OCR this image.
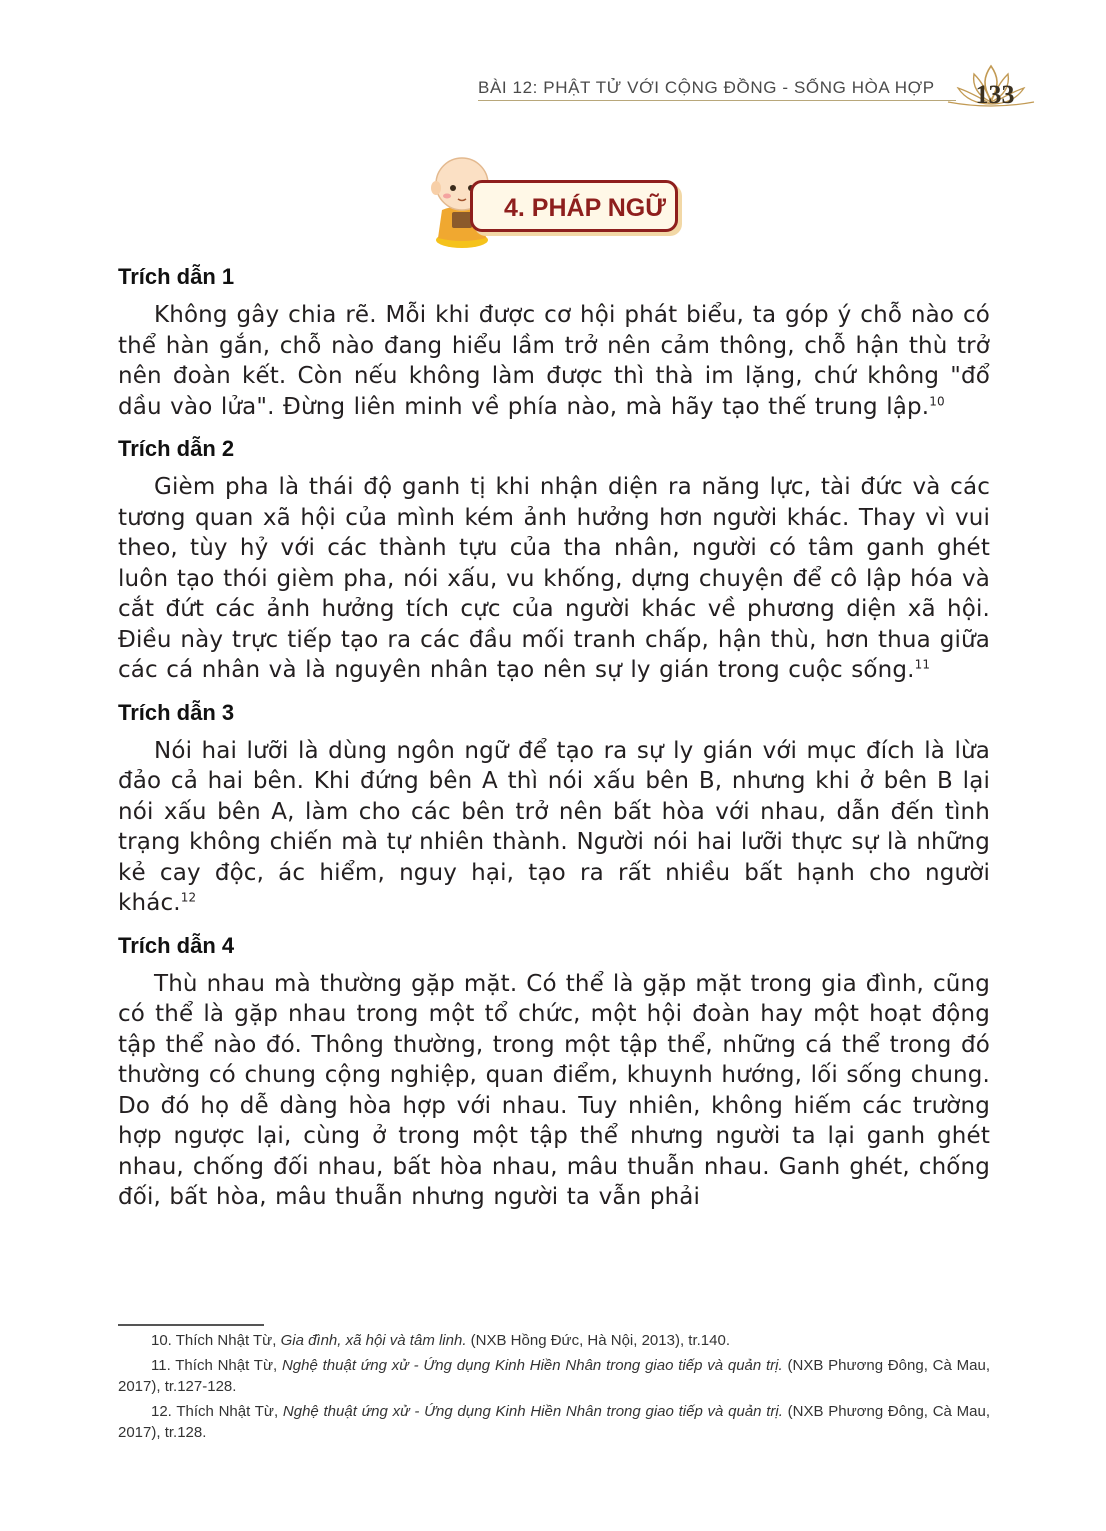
BÀI 12: PHẬT TỬ VỚI CỘNG ĐỒNG - SỐNG HÒA HỢP	133
4. PHÁP NGỮ
Trích dẫn 1

Không gây chia rẽ. Mỗi khi được cơ hội phát biểu, ta góp ý chỗ nào có thể hàn gắn, chỗ nào đang hiểu lầm trở nên cảm thông, chỗ hận thù trở nên đoàn kết. Còn nếu không làm được thì thà im lặng, chứ không "đổ dầu vào lửa". Đừng liên minh về phía nào, mà hãy tạo thế trung lập.$^{10}$

Trích dẫn 2

Gièm pha là thái độ ganh tị khi nhận diện ra năng lực, tài đức và các tương quan xã hội của mình kém ảnh hưởng hơn người khác. Thay vì vui theo, tùy hỷ với các thành tựu của tha nhân, người có tâm ganh ghét luôn tạo thói gièm pha, nói xấu, vu khống, dựng chuyện để cô lập hóa và cắt đứt các ảnh hưởng tích cực của người khác về phương diện xã hội. Điều này trực tiếp tạo ra các đầu mối tranh chấp, hận thù, hơn thua giữa các cá nhân và là nguyên nhân tạo nên sự ly gián trong cuộc sống.$^{11}$

Trích dẫn 3

Nói hai lưỡi là dùng ngôn ngữ để tạo ra sự ly gián với mục đích là lừa đảo cả hai bên. Khi đứng bên A thì nói xấu bên B, nhưng khi ở bên B lại nói xấu bên A, làm cho các bên trở nên bất hòa với nhau, dẫn đến tình trạng không chiến mà tự nhiên thành. Người nói hai lưỡi thực sự là những kẻ cay độc, ác hiểm, nguy hại, tạo ra rất nhiều bất hạnh cho người khác.$^{12}$

Trích dẫn 4

Thù nhau mà thường gặp mặt. Có thể là gặp mặt trong gia đình, cũng có thể là gặp nhau trong một tổ chức, một hội đoàn hay một hoạt động tập thể nào đó. Thông thường, trong một tập thể, những cá thể trong đó thường có chung cộng nghiệp, quan điểm, khuynh hướng, lối sống chung. Do đó họ dễ dàng hòa hợp với nhau. Tuy nhiên, không hiếm các trường hợp ngược lại, cùng ở trong một tập thể nhưng người ta lại ganh ghét nhau, chống đối nhau, bất hòa nhau, mâu thuẫn nhau. Ganh ghét, chống đối, bất hòa, mâu thuẫn nhưng người ta vẫn phải

10. Thích Nhật Từ, Gia đình, xã hội và tâm linh. (NXB Hồng Đức, Hà Nội, 2013), tr.140.

11. Thích Nhật Từ, Nghệ thuật ứng xử - Ứng dụng Kinh Hiền Nhân trong giao tiếp và quản trị. (NXB Phương Đông, Cà Mau, 2017), tr.127-128.

12. Thích Nhật Từ, Nghệ thuật ứng xử - Ứng dụng Kinh Hiền Nhân trong giao tiếp và quản trị. (NXB Phương Đông, Cà Mau, 2017), tr.128.
